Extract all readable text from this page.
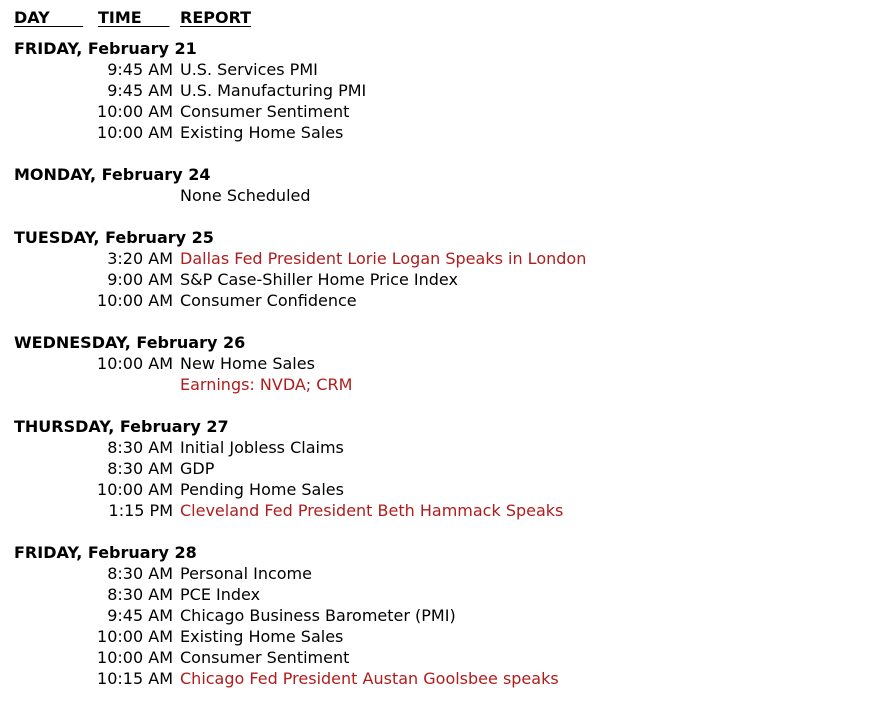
DAY TIME REPORT
FRIDAY, February 21
9:45 AM U.S. Services PMI
9:45 AM U.S. Manufacturing PMI
10:00 AM Consumer Sentiment
10:00 AM Existing Home Sales
MONDAY, February 24
None Scheduled
TUESDAY, February 25
3:20 AM Dallas Fed President Lorie Logan Speaks in London
9:00 AM S&P Case-Shiller Home Price Index
10:00 AM Consumer Confidence
WEDNESDAY, February 26
10:00 AM New Home Sales
Earnings: NVDA; CRM
THURSDAY, February 27
8:30 AM Initial Jobless Claims
8:30 AM GDP
10:00 AM Pending Home Sales
1:15 PM Cleveland Fed President Beth Hammack Speaks
FRIDAY, February 28
8:30 AM Personal Income
8:30 AM PCE Index
9:45 AM Chicago Business Barometer (PMI)
10:00 AM Existing Home Sales
10:00 AM Consumer Sentiment
10:15 AM Chicago Fed President Austan Goolsbee speaks
